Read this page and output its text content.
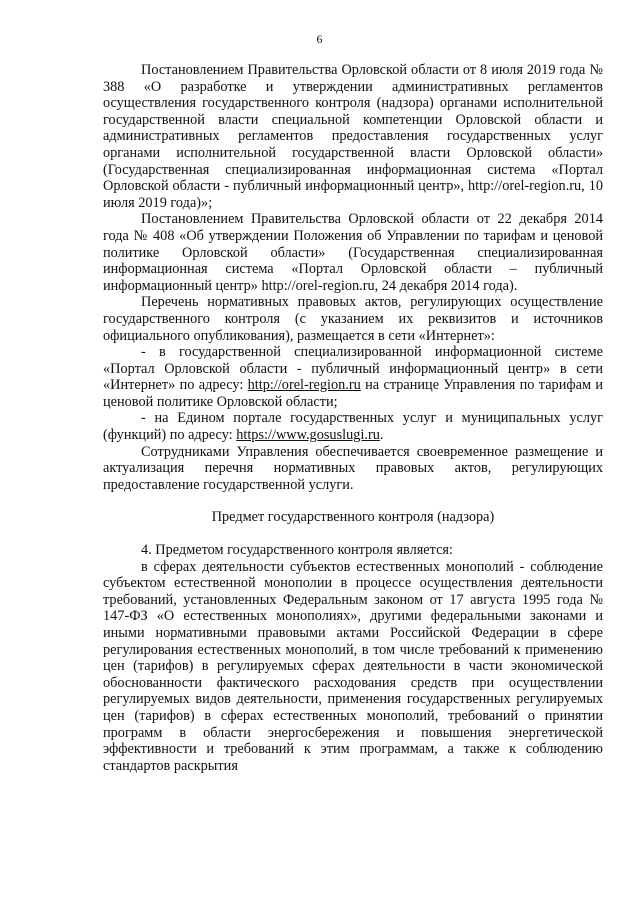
6

Постановлением Правительства Орловской области от 8 июля 2019 года № 388 «О разработке и утверждении административных регламентов осуществления государственного контроля (надзора) органами исполнительной государственной власти специальной компетенции Орловской области и административных регламентов предоставления государственных услуг органами исполнительной государственной власти Орловской области» (Государственная специализированная информационная система «Портал Орловской области - публичный информационный центр», http://orel-region.ru, 10 июля 2019 года)»;

Постановлением Правительства Орловской области от 22 декабря 2014 года № 408 «Об утверждении Положения об Управлении по тарифам и ценовой политике Орловской области» (Государственная специализированная информационная система «Портал Орловской области – публичный информационный центр» http://orel-region.ru, 24 декабря 2014 года).

Перечень нормативных правовых актов, регулирующих осуществление государственного контроля (с указанием их реквизитов и источников официального опубликования), размещается в сети «Интернет»:

- в государственной специализированной информационной системе «Портал Орловской области - публичный информационный центр» в сети «Интернет» по адресу: http://orel-region.ru на странице Управления по тарифам и ценовой политике Орловской области;

- на Едином портале государственных услуг и муниципальных услуг (функций) по адресу: https://www.gosuslugi.ru.

Сотрудниками Управления обеспечивается своевременное размещение и актуализация перечня нормативных правовых актов, регулирующих предоставление государственной услуги.

Предмет государственного контроля (надзора)

4. Предметом государственного контроля является:

в сферах деятельности субъектов естественных монополий - соблюдение субъектом естественной монополии в процессе осуществления деятельности требований, установленных Федеральным законом от 17 августа 1995 года № 147-ФЗ «О естественных монополиях», другими федеральными законами и иными нормативными правовыми актами Российской Федерации в сфере регулирования естественных монополий, в том числе требований к применению цен (тарифов) в регулируемых сферах деятельности в части экономической обоснованности фактического расходования средств при осуществлении регулируемых видов деятельности, применения государственных регулируемых цен (тарифов) в сферах естественных монополий, требований о принятии программ в области энергосбережения и повышения энергетической эффективности и требований к этим программам, а также к соблюдению стандартов раскрытия
